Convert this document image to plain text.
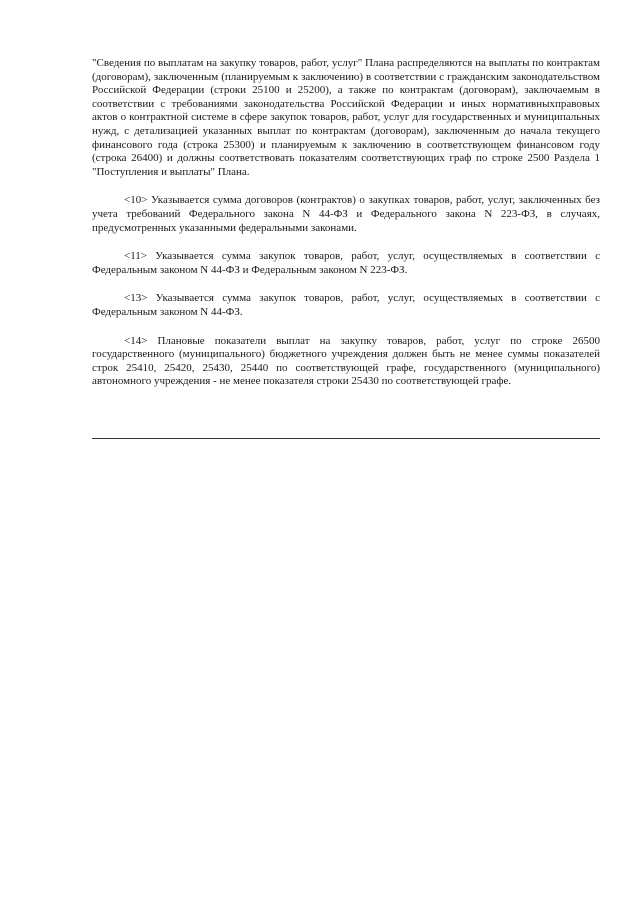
"Сведения по выплатам на закупку товаров, работ, услуг" Плана распределяются на выплаты по контрактам (договорам), заключенным (планируемым к заключению) в соответствии с гражданским законодательством Российской Федерации (строки 25100 и 25200), а также по контрактам (договорам), заключаемым в соответствии с требованиями законодательства Российской Федерации и иных нормативныхправовых актов о контрактной системе в сфере закупок товаров, работ, услуг для государственных и муниципальных нужд, с детализацией указанных выплат по контрактам (договорам), заключенным до начала текущего финансового года (строка 25300) и планируемым к заключению в соответствующем финансовом году (строка 26400) и должны соответствовать показателям соответствующих граф по строке 2500 Раздела 1 "Поступления и выплаты" Плана.

<10> Указывается сумма договоров (контрактов) о закупках товаров, работ, услуг, заключенных без учета требований Федерального закона N 44-ФЗ и Федерального закона N 223-ФЗ, в случаях, предусмотренных указанными федеральными законами.

<11> Указывается сумма закупок товаров, работ, услуг, осуществляемых в соответствии с Федеральным законом N 44-ФЗ и Федеральным законом N 223-ФЗ.

<13> Указывается сумма закупок товаров, работ, услуг, осуществляемых в соответствии с Федеральным законом N 44-ФЗ.

<14> Плановые показатели выплат на закупку товаров, работ, услуг по строке 26500 государственного (муниципального) бюджетного учреждения должен быть не менее суммы показателей строк 25410, 25420, 25430, 25440 по соответствующей графе, государственного (муниципального) автономного учреждения - не менее показателя строки 25430 по соответствующей графе.
